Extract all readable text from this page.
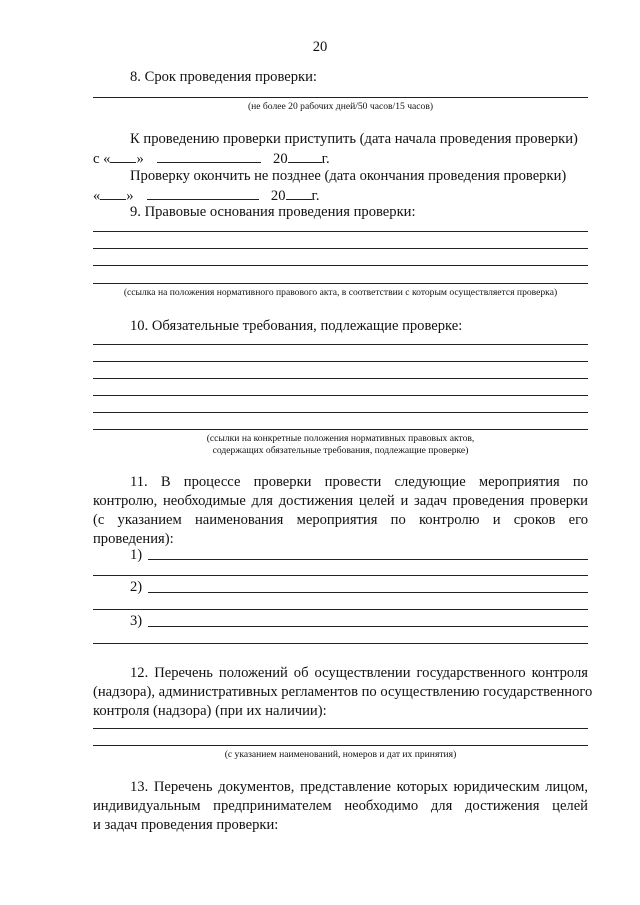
20
8. Срок проведения проверки:
(не более 20 рабочих дней/50 часов/15 часов)
К проведению проверки приступить (дата начала проведения проверки)
с « »	20 г.
Проверку окончить не позднее (дата окончания проведения проверки)
« »	20 г.
9. Правовые основания проведения проверки:
(ссылка на положения нормативного правового акта, в соответствии с которым осуществляется проверка)
10. Обязательные требования, подлежащие проверке:
(ссылки на конкретные положения нормативных правовых актов,
содержащих обязательные требования, подлежащие проверке)
11. В процессе проверки провести следующие мероприятия по
контролю, необходимые для достижения целей и задач проведения проверки
(с указанием наименования мероприятия по контролю и сроков его
проведения):
1)
2)
3)
12. Перечень положений об осуществлении государственного контроля
(надзора), административных регламентов по осуществлению государственного
контроля (надзора) (при их наличии):
(с указанием наименований, номеров и дат их принятия)
13. Перечень документов, представление которых юридическим лицом,
индивидуальным предпринимателем необходимо для достижения целей
и задач проведения проверки:
